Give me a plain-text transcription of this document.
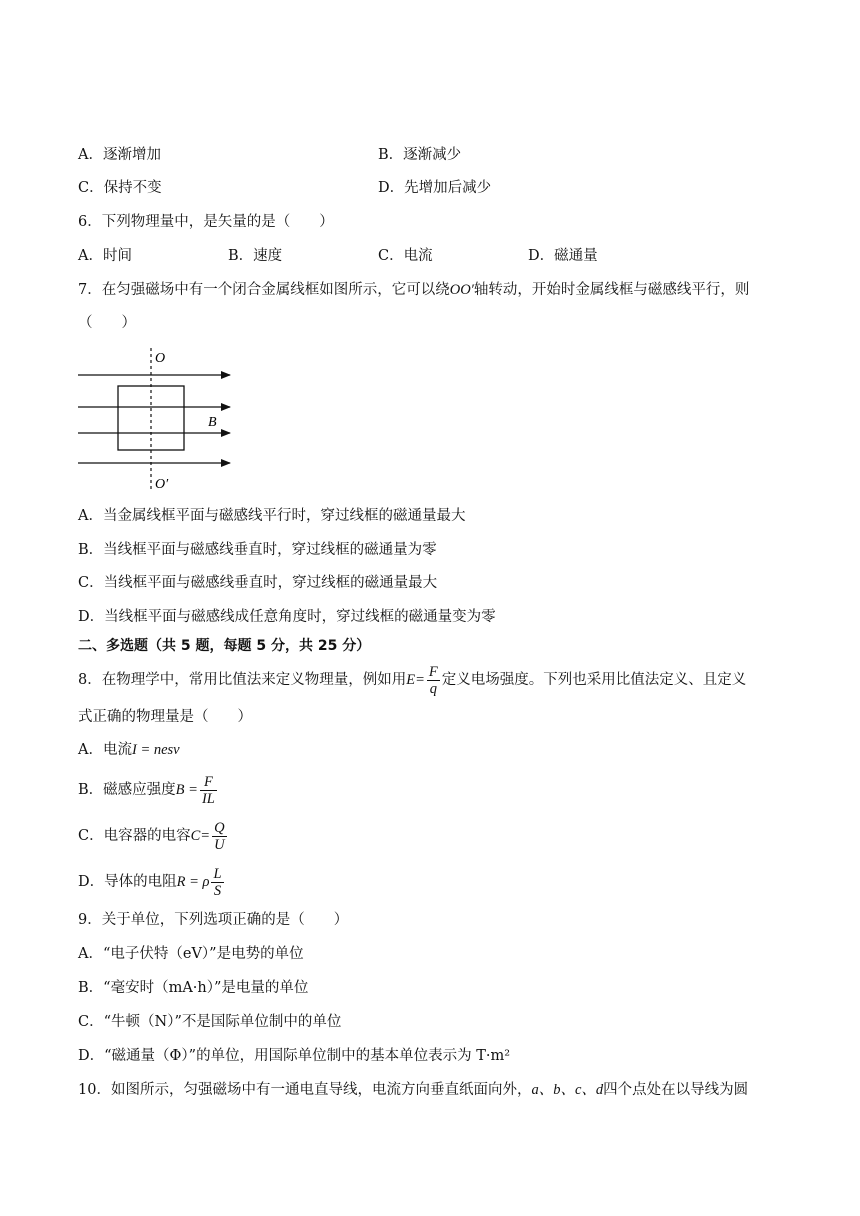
A．逐渐增加	B．逐渐减少
C．保持不变	D．先增加后减少
6．下列物理量中，是矢量的是（　　）
A．时间	B．速度	C．电流	D．磁通量
7．在匀强磁场中有一个闭合金属线框如图所示，它可以绕OO′轴转动，开始时金属线框与磁感线平行，则
（　　）
O
B
O′
A．当金属线框平面与磁感线平行时，穿过线框的磁通量最大
B．当线框平面与磁感线垂直时，穿过线框的磁通量为零
C．当线框平面与磁感线垂直时，穿过线框的磁通量最大
D．当线框平面与磁感线成任意角度时，穿过线框的磁通量变为零
二、多选题（共 5 题，每题 5 分，共 25 分）
8．在物理学中，常用比值法来定义物理量，例如用$E= \frac{F}{q}$ 定义电场强度。下列也采用比值法定义、且定义
式正确的物理量是（　　）
A．电流I = nesv
B．磁感应强度$B = \frac{F}{IL}$
C．电容器的电容$C= \frac{Q}{U}$
D．导体的电阻R = ρ $\frac{L}{S}$
9．关于单位，下列选项正确的是（　　）
A．“电子伏特（eV）”是电势的单位
B．“毫安时（mA·h）”是电量的单位
C．“牛顿（N）”不是国际单位制中的单位
D．“磁通量（Φ）”的单位，用国际单位制中的基本单位表示为 T·m²
10．如图所示，匀强磁场中有一通电直导线，电流方向垂直纸面向外，a、b、c、d四个点处在以导线为圆
